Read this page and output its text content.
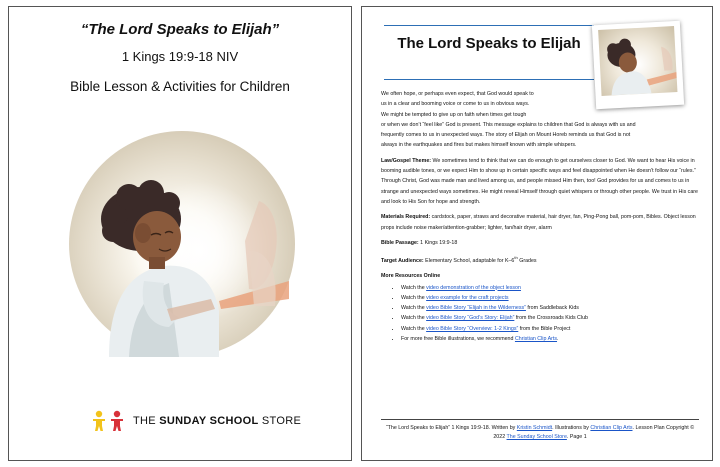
“The Lord Speaks to Elijah”
1 Kings 19:9-18 NIV
Bible Lesson & Activities for Children
THE SUNDAY SCHOOL STORE
The Lord Speaks to Elijah
We often hope, or perhaps even expect, that God would speak to
us in a clear and booming voice or come to us in obvious ways.
We might be tempted to give up on faith when times get tough
or when we don’t “feel like” God is present. This message explains to children that God is always with us and
frequently comes to us in unexpected ways. The story of Elijah on Mount Horeb reminds us that God is not
always in the earthquakes and fires but makes himself known with simple whispers.

Law/Gospel Theme: We sometimes tend to think that we can do enough to get ourselves closer to God. We want to hear His voice in booming audible tones, or we expect Him to show up in certain specific ways and feel disappointed when He doesn’t follow our “rules.” Through Christ, God was made man and lived among us, and people missed Him then, too! God provides for us and comes to us in strange and unexpected ways sometimes. He might reveal Himself through quiet whispers or through other people. We trust in His care and look to His Son for hope and strength.

Materials Required: cardstock, paper, straws and decorative material, hair dryer, fan, Ping-Pong ball, pom-pom, Bibles. Object lesson props include noise maker/attention-grabber; lighter, fan/hair dryer, alarm

Bible Passage: 1 Kings 19:9-18

Target Audience: Elementary School, adaptable for K–6th Grades

More Resources Online
• Watch the video demonstration of the object lesson
• Watch the video example for the craft projects
• Watch the video Bible Story “Elijah in the Wilderness” from Saddleback Kids
• Watch the video Bible Story “God’s Story: Elijah” from the Crossroads Kids Club
• Watch the video Bible Story “Overview: 1-2 Kings” from the Bible Project
• For more free Bible illustrations, we recommend Christian Clip Arts.
“The Lord Speaks to Elijah” 1 Kings 19:9-18. Written by Kristin Schmidt. Illustrations by Christian Clip Arts. Lesson Plan Copyright © 2022 The Sunday School Store. Page 1
